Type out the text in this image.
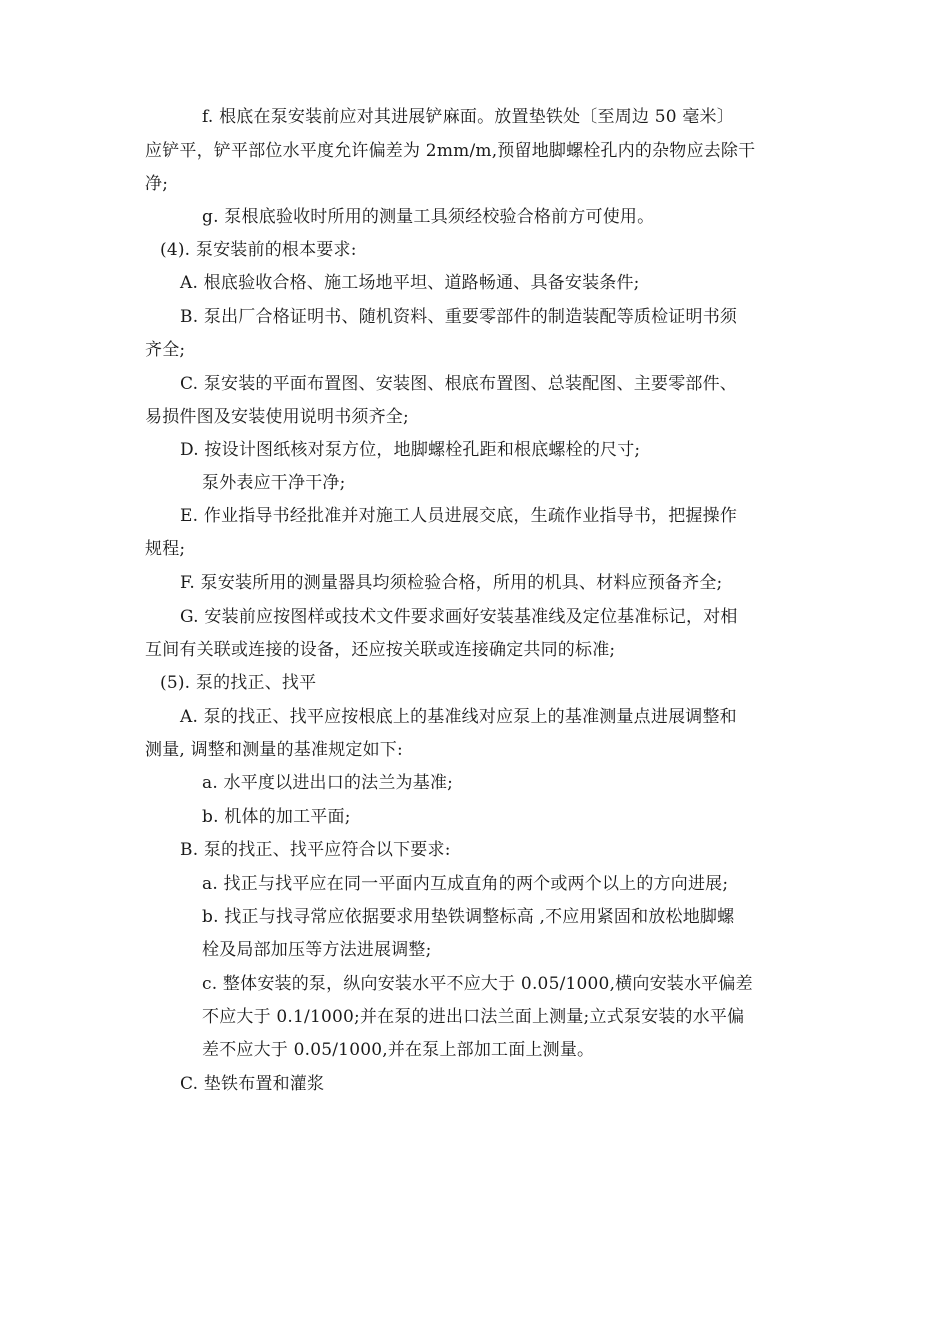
f. 根底在泵安装前应对其进展铲麻面。放置垫铁处〔至周边 50 毫米〕
应铲平，铲平部位水平度允许偏差为 2mm/m,预留地脚螺栓孔内的杂物应去除干
净;
g. 泵根底验收时所用的测量工具须经校验合格前方可使用。
(4). 泵安装前的根本要求:
A. 根底验收合格、施工场地平坦、道路畅通、具备安装条件;
B. 泵出厂合格证明书、随机资料、重要零部件的制造装配等质检证明书须
齐全;
C. 泵安装的平面布置图、安装图、根底布置图、总装配图、主要零部件、
易损件图及安装使用说明书须齐全;
D. 按设计图纸核对泵方位，地脚螺栓孔距和根底螺栓的尺寸;
泵外表应干净干净;
E. 作业指导书经批准并对施工人员进展交底，生疏作业指导书，把握操作
规程;
F. 泵安装所用的测量器具均须检验合格，所用的机具、材料应预备齐全;
G. 安装前应按图样或技术文件要求画好安装基准线及定位基准标记，对相
互间有关联或连接的设备，还应按关联或连接确定共同的标准;
(5). 泵的找正、找平
A. 泵的找正、找平应按根底上的基准线对应泵上的基准测量点进展调整和
测量, 调整和测量的基准规定如下:
a. 水平度以进出口的法兰为基准;
b. 机体的加工平面;
B. 泵的找正、找平应符合以下要求:
a. 找正与找平应在同一平面内互成直角的两个或两个以上的方向进展;
b. 找正与找寻常应依据要求用垫铁调整标高 ,不应用紧固和放松地脚螺
栓及局部加压等方法进展调整;
c. 整体安装的泵，纵向安装水平不应大于 0.05/1000,横向安装水平偏差
不应大于 0.1/1000;并在泵的进出口法兰面上测量;立式泵安装的水平偏
差不应大于 0.05/1000,并在泵上部加工面上测量。
C. 垫铁布置和灌浆
